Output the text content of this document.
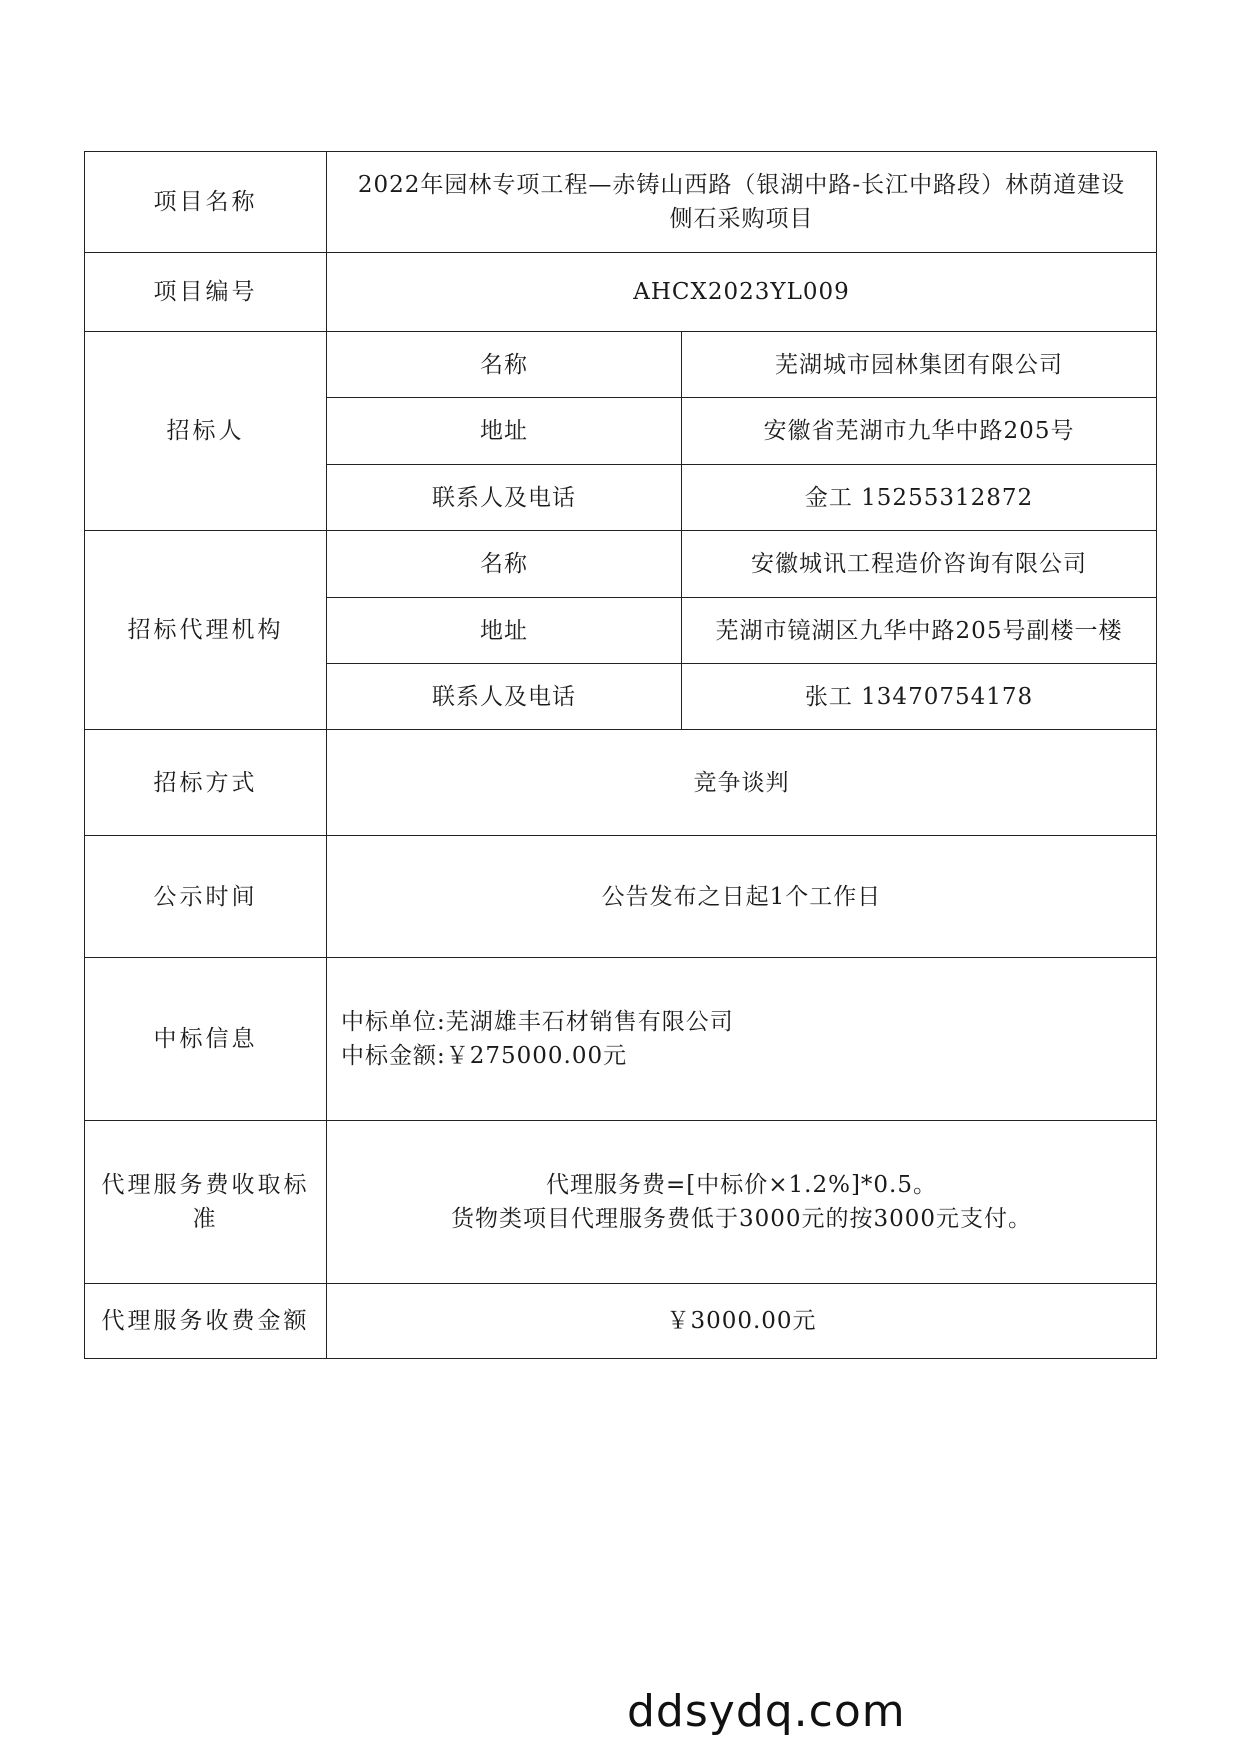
项目名称	2022年园林专项工程—赤铸山西路（银湖中路-长江中路段）林荫道建设
侧石采购项目	

项目编号	AHCX2023YL009	
招标人	名称	芜湖城市园林集团有限公司
	地址	安徽省芜湖市九华中路205号
	联系人及电话	金工 15255312872
招标代理机构	名称	安徽城讯工程造价咨询有限公司
	地址	芜湖市镜湖区九华中路205号副楼一楼
	联系人及电话	张工 13470754178
招标方式	竞争谈判	
公示时间	公告发布之日起1个工作日	
中标信息	中标单位:芜湖雄丰石材销售有限公司
中标金额:￥275000.00元	

代理服务费收取标
准	代理服务费=[中标价×1.2%]*0.5。
货物类项目代理服务费低于3000元的按3000元支付。	

代理服务收费金额	￥3000.00元	
ddsydq.com
